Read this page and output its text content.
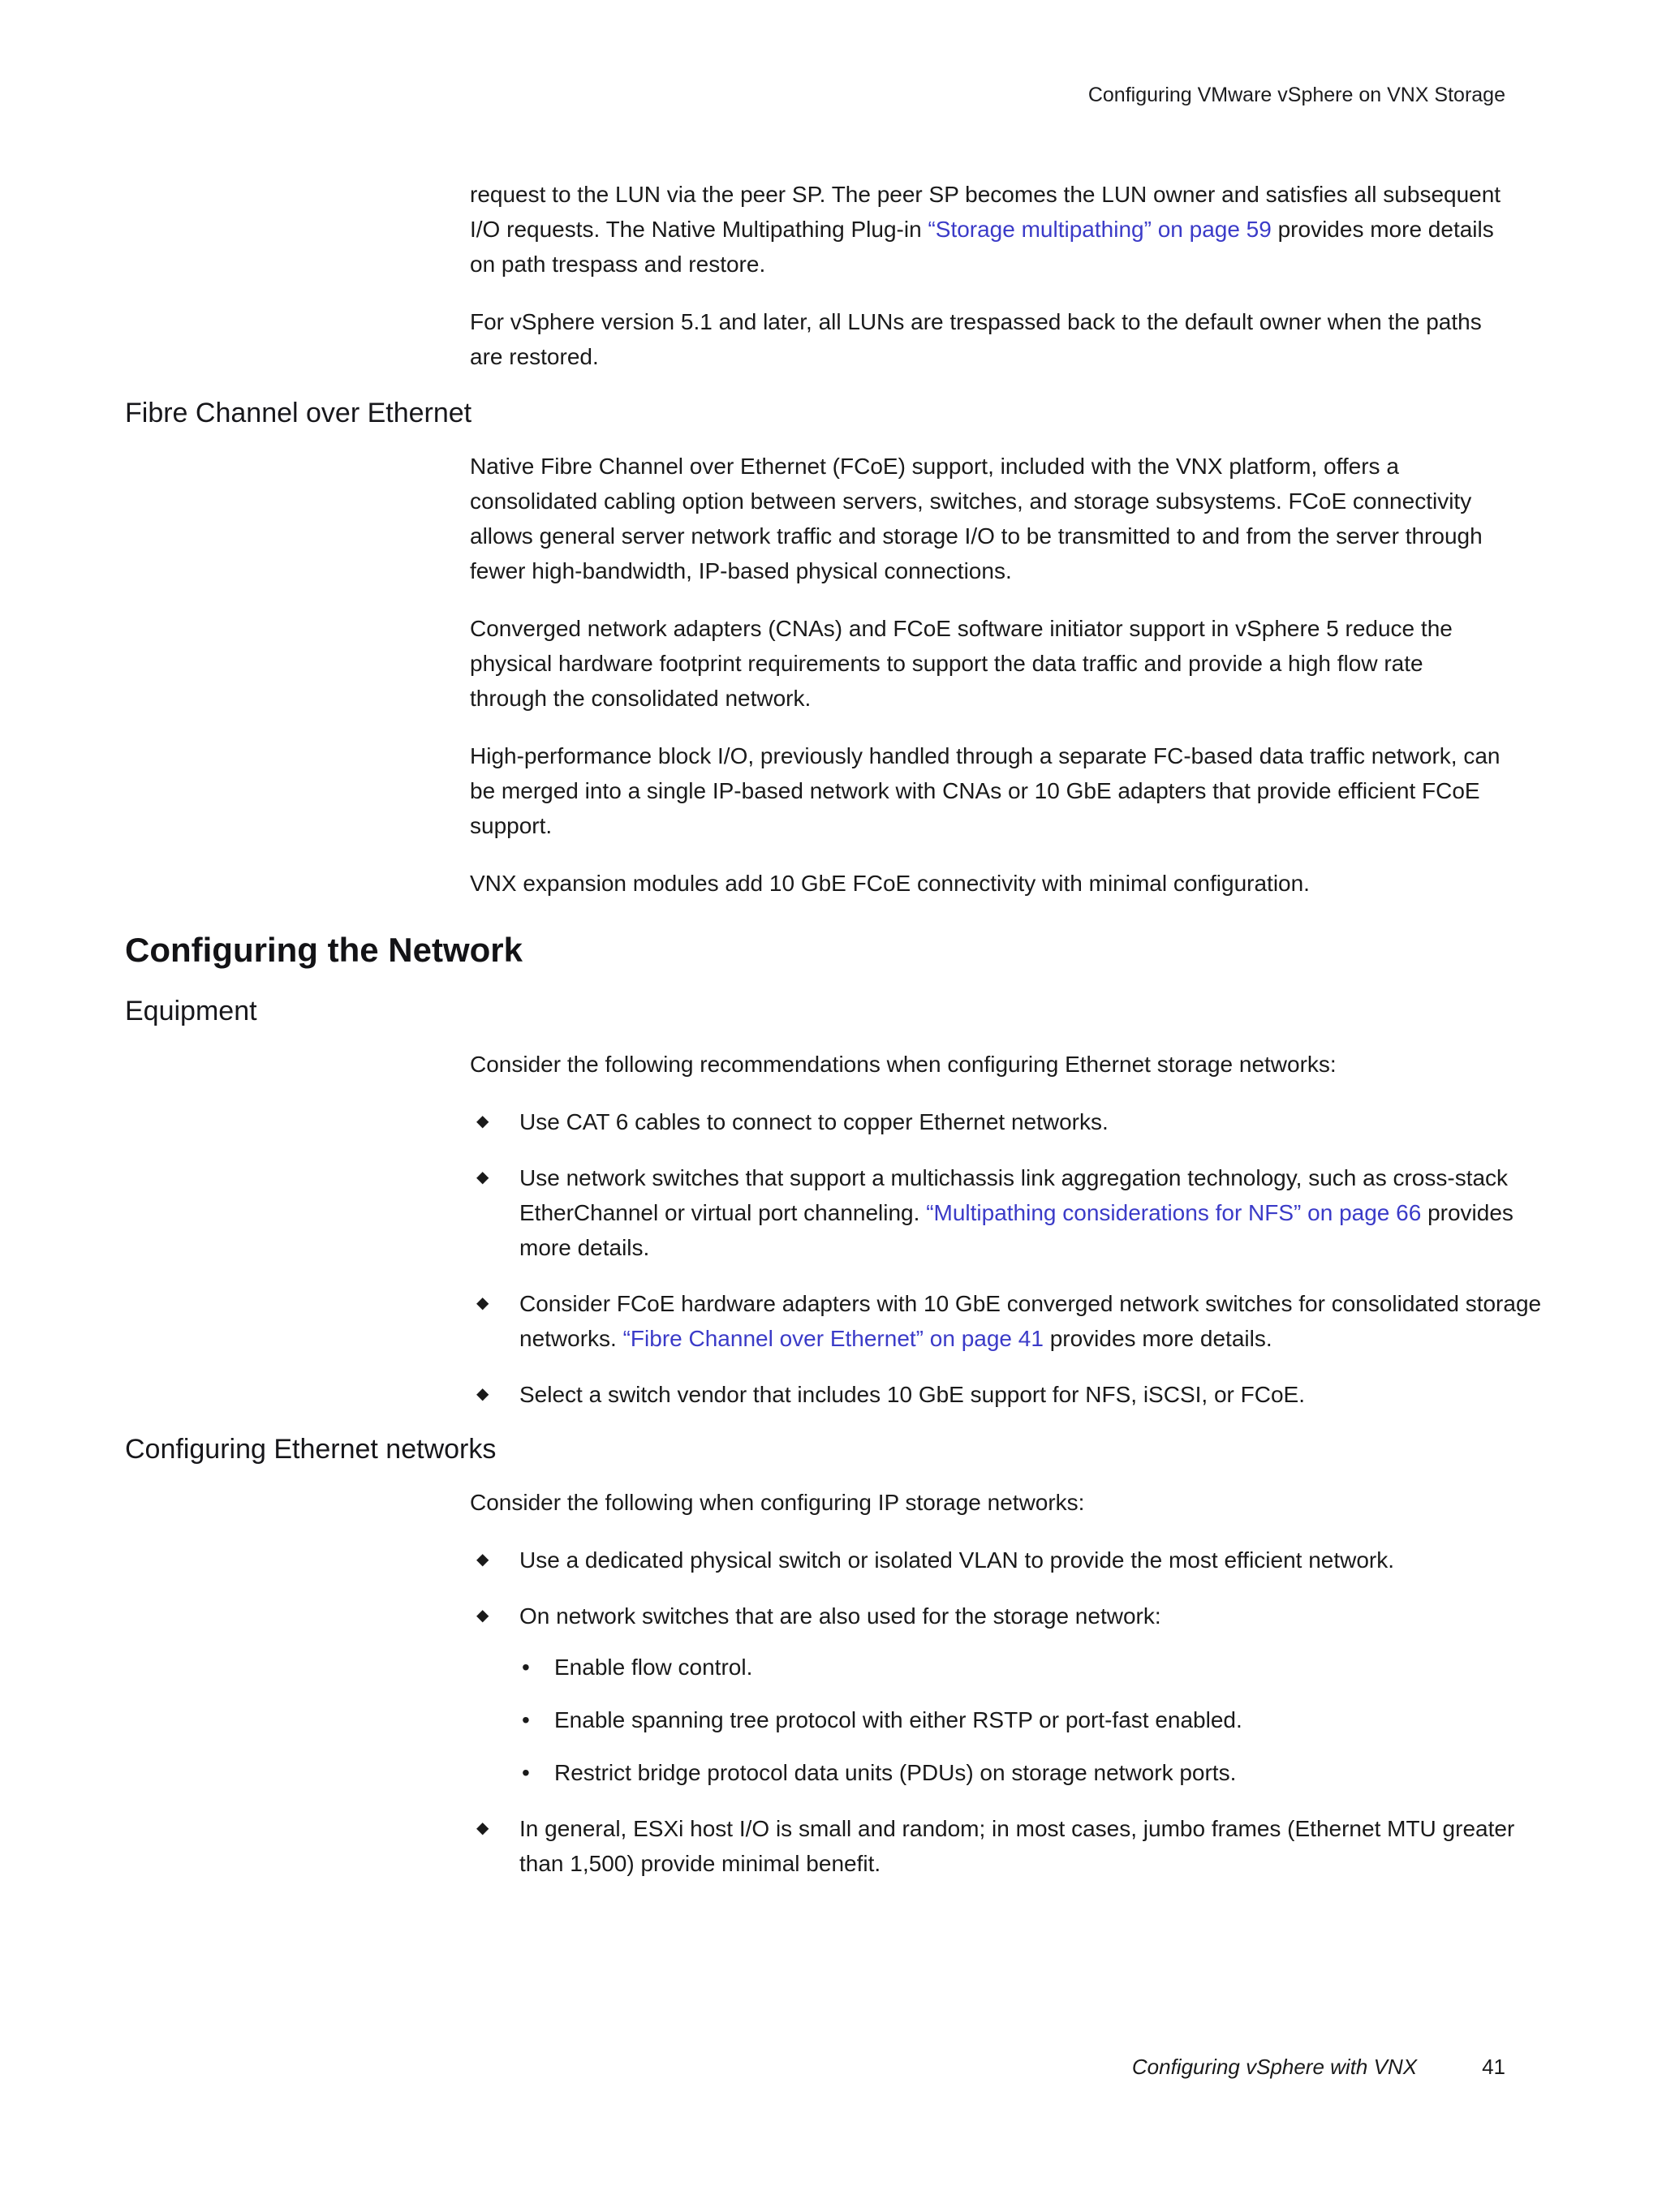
Configuring VMware vSphere on VNX Storage

request to the LUN via the peer SP. The peer SP becomes the LUN owner and satisfies all subsequent I/O requests. The Native Multipathing Plug-in “Storage multipathing” on page 59 provides more details on path trespass and restore.

For vSphere version 5.1 and later, all LUNs are trespassed back to the default owner when the paths are restored.

Fibre Channel over Ethernet

Native Fibre Channel over Ethernet (FCoE) support, included with the VNX platform, offers a consolidated cabling option between servers, switches, and storage subsystems. FCoE connectivity allows general server network traffic and storage I/O to be transmitted to and from the server through fewer high-bandwidth, IP-based physical connections.

Converged network adapters (CNAs) and FCoE software initiator support in vSphere 5 reduce the physical hardware footprint requirements to support the data traffic and provide a high flow rate through the consolidated network.

High-performance block I/O, previously handled through a separate FC-based data traffic network, can be merged into a single IP-based network with CNAs or 10 GbE adapters that provide efficient FCoE support.

VNX expansion modules add 10 GbE FCoE connectivity with minimal configuration.

Configuring the Network
Equipment

Consider the following recommendations when configuring Ethernet storage networks:

◆ Use CAT 6 cables to connect to copper Ethernet networks.
◆ Use network switches that support a multichassis link aggregation technology, such as cross-stack EtherChannel or virtual port channeling. “Multipathing considerations for NFS” on page 66 provides more details.
◆ Consider FCoE hardware adapters with 10 GbE converged network switches for consolidated storage networks. “Fibre Channel over Ethernet” on page 41 provides more details.
◆ Select a switch vendor that includes 10 GbE support for NFS, iSCSI, or FCoE.
Configuring Ethernet networks

Consider the following when configuring IP storage networks:

◆ Use a dedicated physical switch or isolated VLAN to provide the most efficient network.
◆ On network switches that are also used for the storage network:
• Enable flow control.
• Enable spanning tree protocol with either RSTP or port-fast enabled.
• Restrict bridge protocol data units (PDUs) on storage network ports.
◆ In general, ESXi host I/O is small and random; in most cases, jumbo frames (Ethernet MTU greater than 1,500) provide minimal benefit.
Configuring vSphere with VNX	41
